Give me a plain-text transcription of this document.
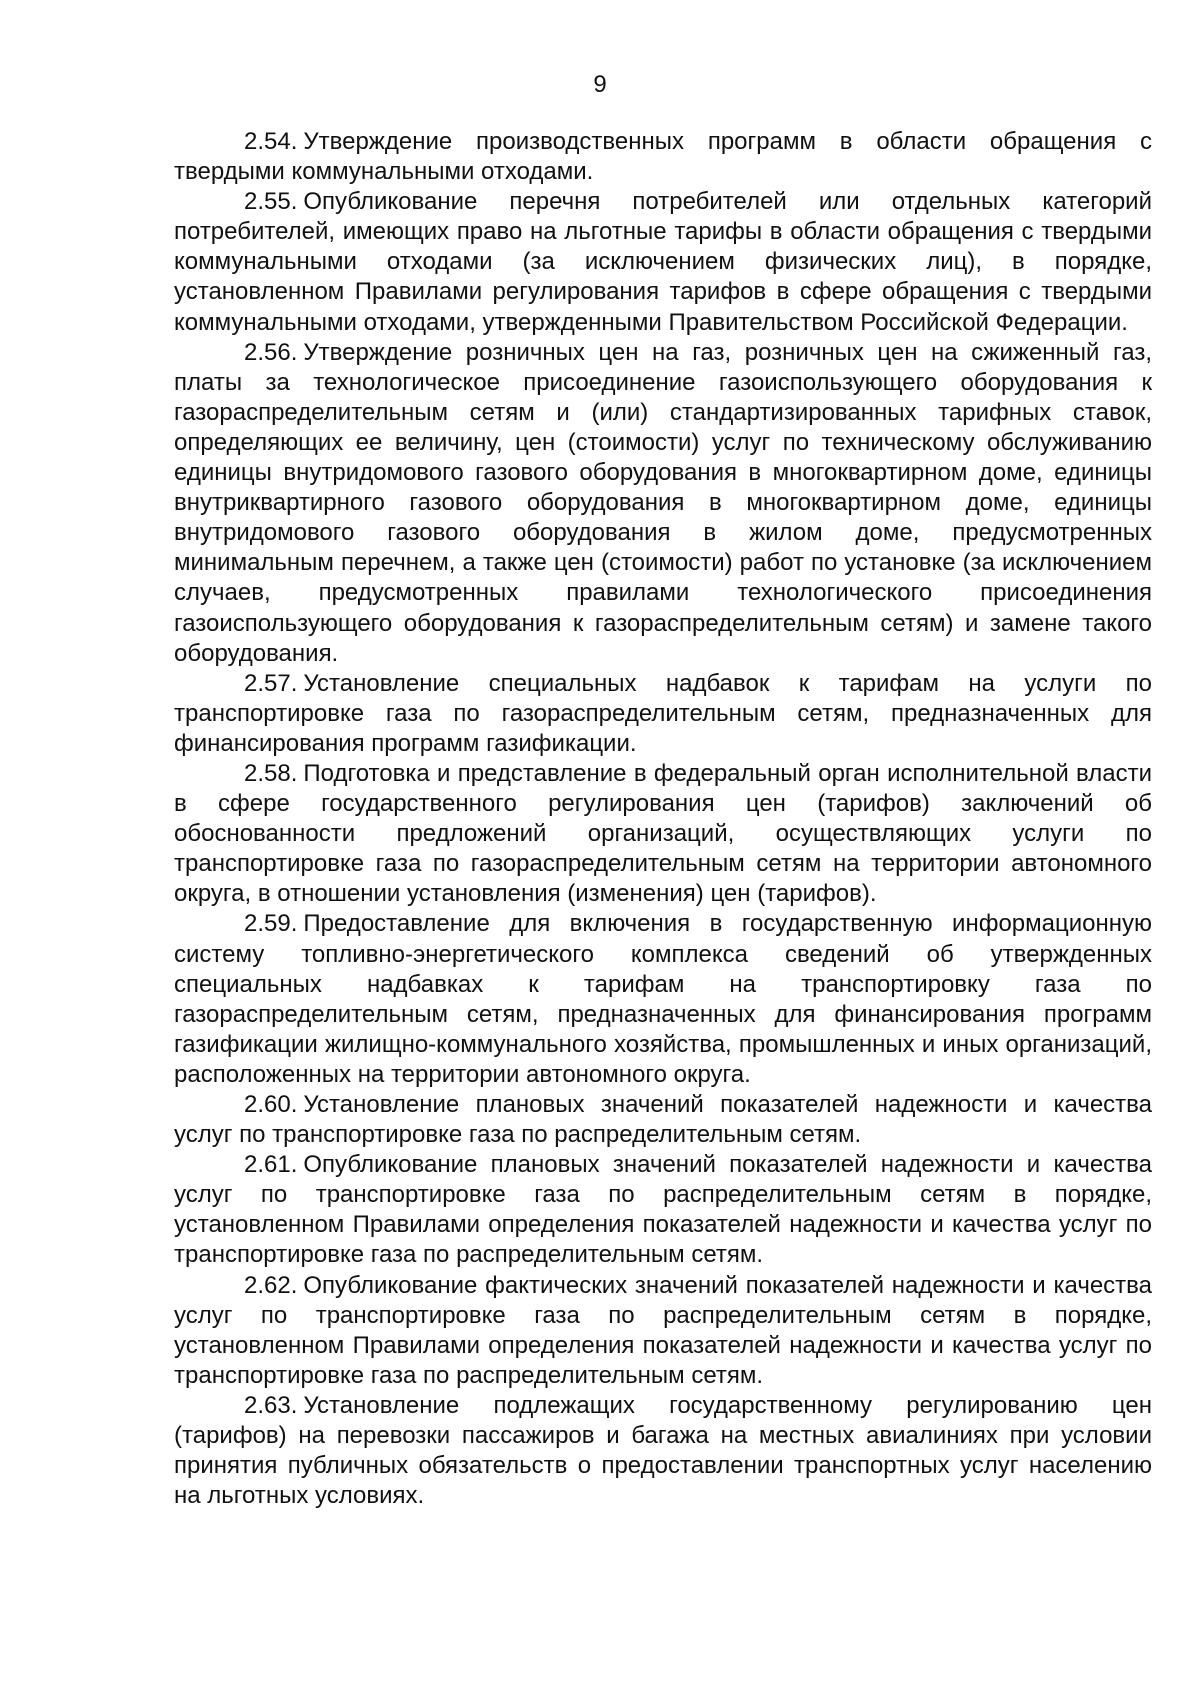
9

2.54. Утверждение производственных программ в области обращения с твердыми коммунальными отходами.

2.55. Опубликование перечня потребителей или отдельных категорий потребителей, имеющих право на льготные тарифы в области обращения с твердыми коммунальными отходами (за исключением физических лиц), в порядке, установленном Правилами регулирования тарифов в сфере обращения с твердыми коммунальными отходами, утвержденными Правительством Российской Федерации.

2.56. Утверждение розничных цен на газ, розничных цен на сжиженный газ, платы за технологическое присоединение газоиспользующего оборудования к газораспределительным сетям и (или) стандартизированных тарифных ставок, определяющих ее величину, цен (стоимости) услуг по техническому обслуживанию единицы внутридомового газового оборудования в многоквартирном доме, единицы внутриквартирного газового оборудования в многоквартирном доме, единицы внутридомового газового оборудования в жилом доме, предусмотренных минимальным перечнем, а также цен (стоимости) работ по установке (за исключением случаев, предусмотренных правилами технологического присоединения газоиспользующего оборудования к газораспределительным сетям) и замене такого оборудования.

2.57. Установление специальных надбавок к тарифам на услуги по транспортировке газа по газораспределительным сетям, предназначенных для финансирования программ газификации.

2.58. Подготовка и представление в федеральный орган исполнительной власти в сфере государственного регулирования цен (тарифов) заключений об обоснованности предложений организаций, осуществляющих услуги по транспортировке газа по газораспределительным сетям на территории автономного округа, в отношении установления (изменения) цен (тарифов).

2.59. Предоставление для включения в государственную информационную систему топливно-энергетического комплекса сведений об утвержденных специальных надбавках к тарифам на транспортировку газа по газораспределительным сетям, предназначенных для финансирования программ газификации жилищно-коммунального хозяйства, промышленных и иных организаций, расположенных на территории автономного округа.

2.60. Установление плановых значений показателей надежности и качества услуг по транспортировке газа по распределительным сетям.

2.61. Опубликование плановых значений показателей надежности и качества услуг по транспортировке газа по распределительным сетям в порядке, установленном Правилами определения показателей надежности и качества услуг по транспортировке газа по распределительным сетям.

2.62. Опубликование фактических значений показателей надежности и качества услуг по транспортировке газа по распределительным сетям в порядке, установленном Правилами определения показателей надежности и качества услуг по транспортировке газа по распределительным сетям.

2.63. Установление подлежащих государственному регулированию цен (тарифов) на перевозки пассажиров и багажа на местных авиалиниях при условии принятия публичных обязательств о предоставлении транспортных услуг населению на льготных условиях.
